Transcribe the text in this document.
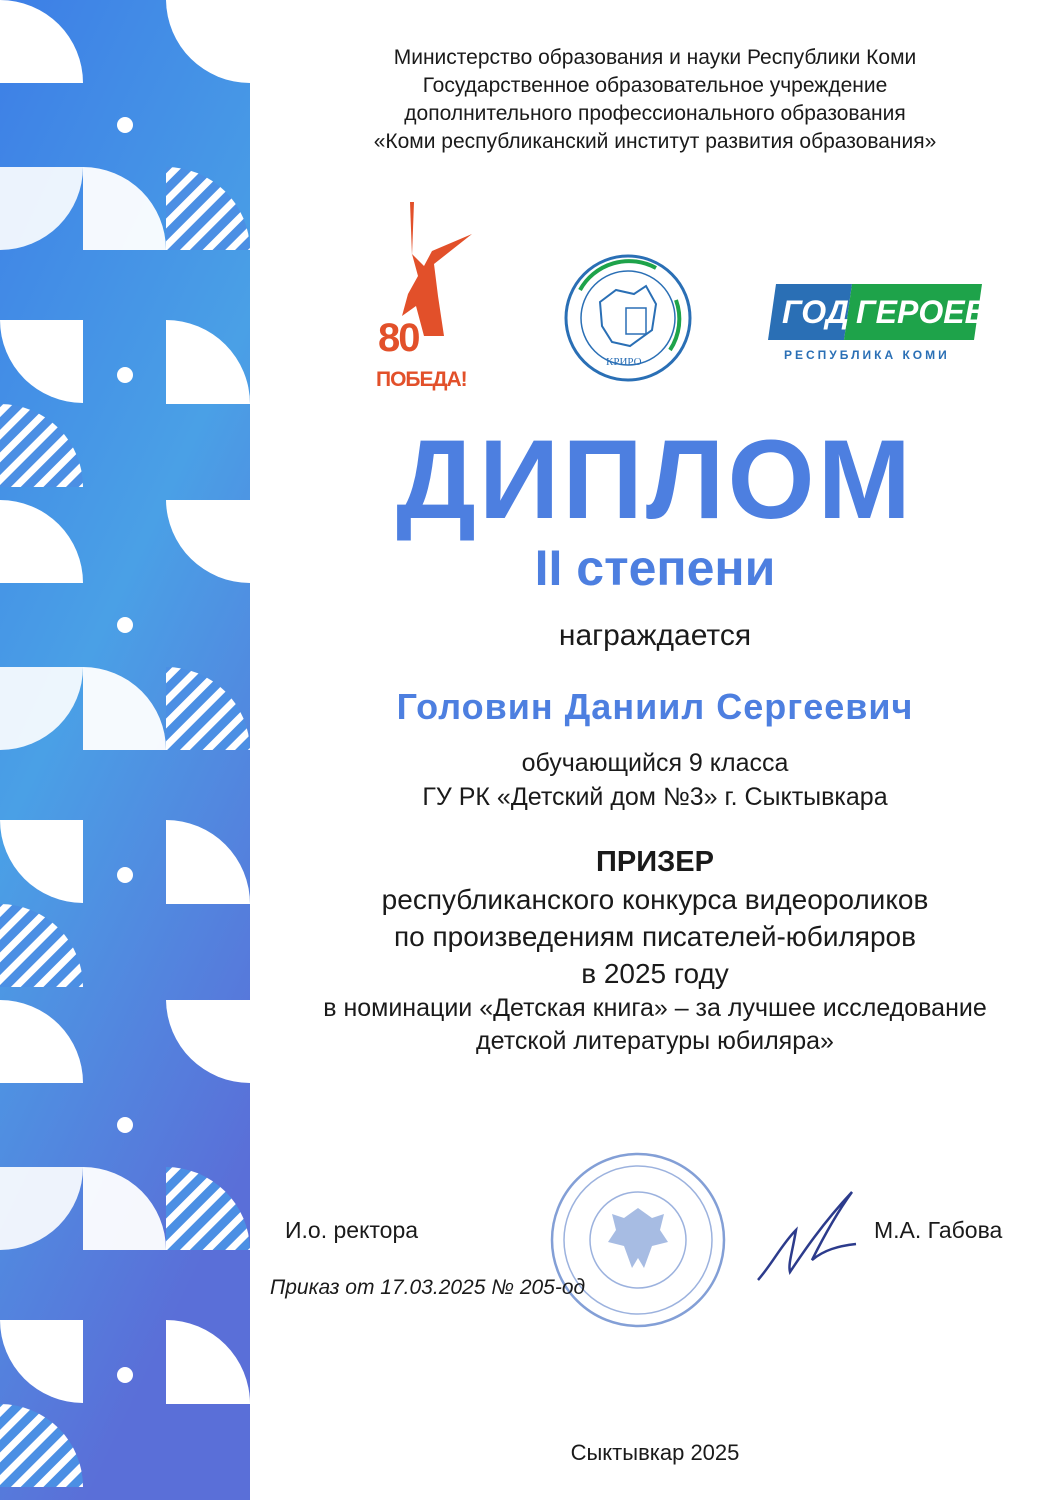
Министерство образования и науки Республики Коми
Государственное образовательное учреждение
дополнительного профессионального образования
«Коми республиканский институт развития образования»
80
ПОБЕДА!
КРИРО
ГОД ГЕРОЕВ
РЕСПУБЛИКА КОМИ
ДИПЛОМ
II степени
награждается
Головин Даниил Сергеевич
обучающийся 9 класса
ГУ РК «Детский дом №3» г. Сыктывкара
ПРИЗЕР
республиканского конкурса видеороликов
по произведениям писателей-юбиляров
в 2025 году
в номинации «Детская книга» – за лучшее исследование
детской литературы юбиляра»
И.о. ректора	М.А. Габова
Приказ от 17.03.2025 № 205-од
Сыктывкар 2025
